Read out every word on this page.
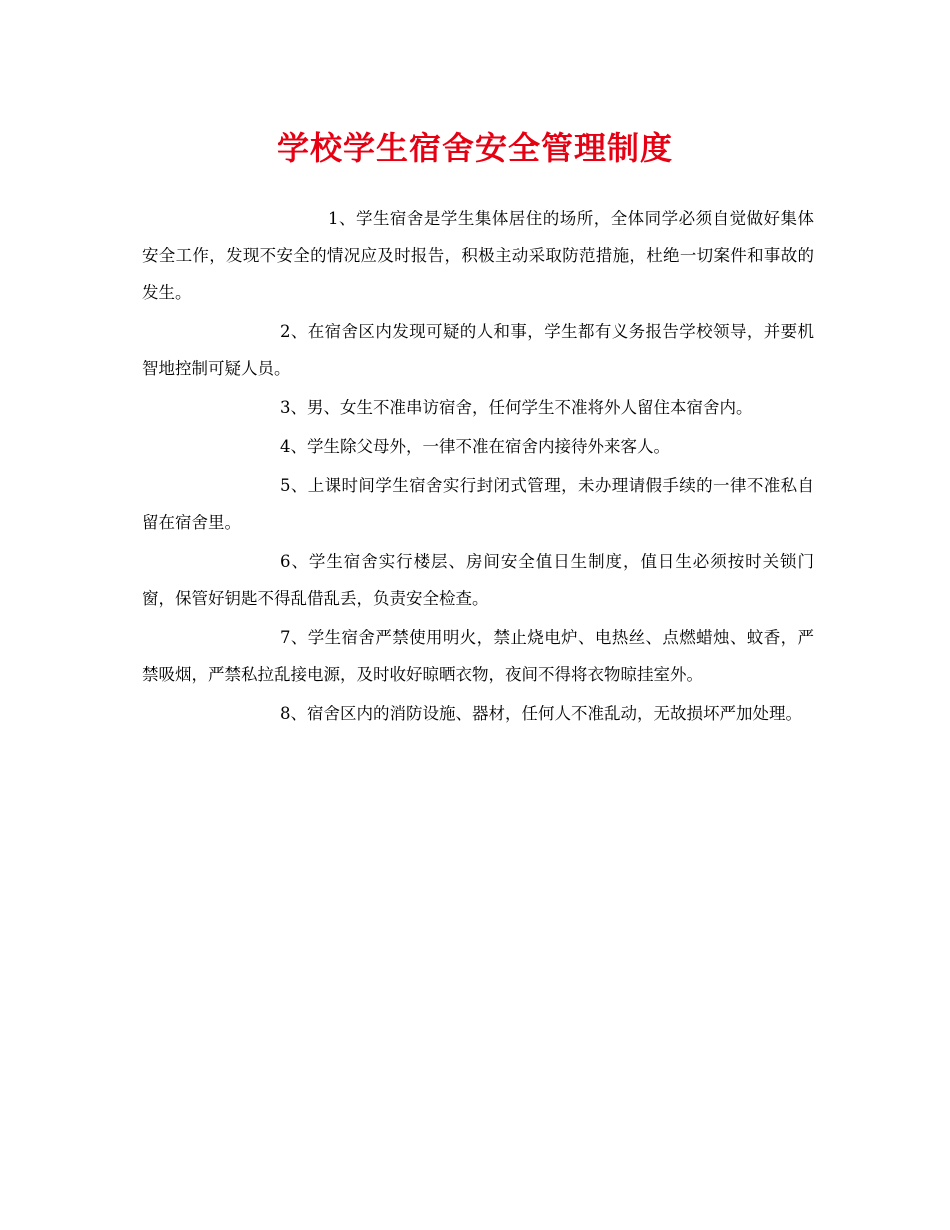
学校学生宿舍安全管理制度

1、学生宿舍是学生集体居住的场所，全体同学必须自觉做好集体安全工作，发现不安全的情况应及时报告，积极主动采取防范措施，杜绝一切案件和事故的发生。

2、在宿舍区内发现可疑的人和事，学生都有义务报告学校领导，并要机智地控制可疑人员。

3、男、女生不准串访宿舍，任何学生不准将外人留住本宿舍内。

4、学生除父母外，一律不准在宿舍内接待外来客人。

5、上课时间学生宿舍实行封闭式管理，未办理请假手续的一律不准私自留在宿舍里。

6、学生宿舍实行楼层、房间安全值日生制度，值日生必须按时关锁门窗，保管好钥匙不得乱借乱丢，负责安全检查。

7、学生宿舍严禁使用明火，禁止烧电炉、电热丝、点燃蜡烛、蚊香，严禁吸烟，严禁私拉乱接电源，及时收好晾晒衣物，夜间不得将衣物晾挂室外。

8、宿舍区内的消防设施、器材，任何人不准乱动，无故损坏严加处理。
